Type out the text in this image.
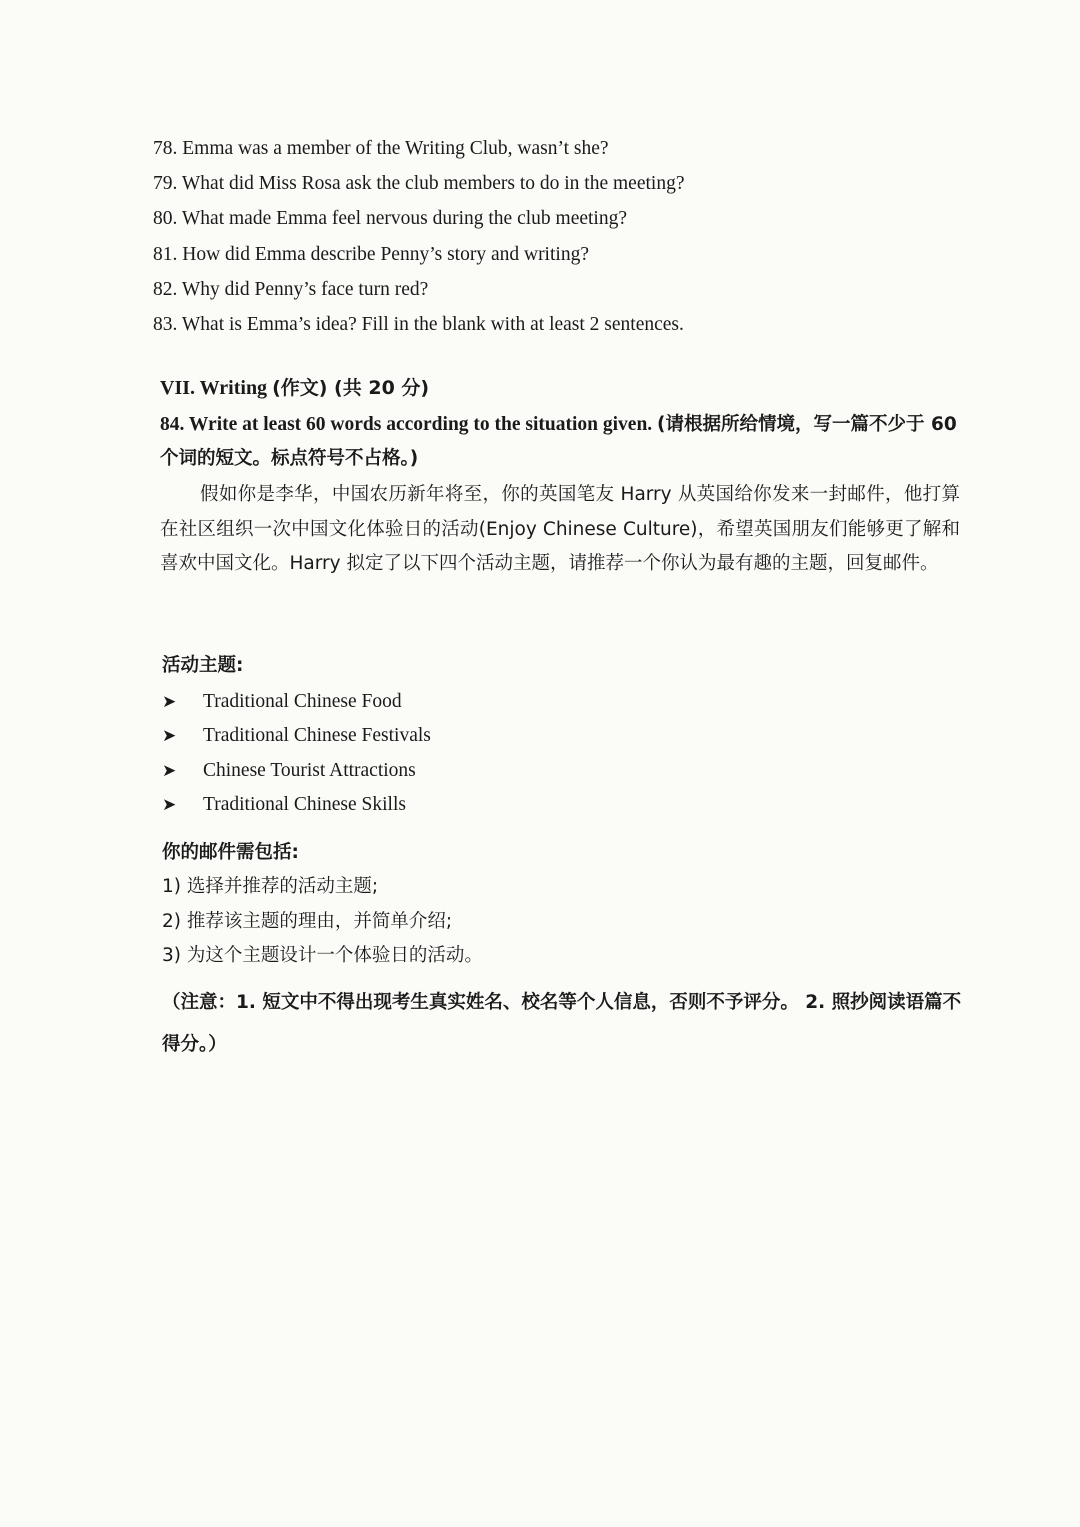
78. Emma was a member of the Writing Club, wasn’t she?
79. What did Miss Rosa ask the club members to do in the meeting?
80. What made Emma feel nervous during the club meeting?
81. How did Emma describe Penny’s story and writing?
82. Why did Penny’s face turn red?
83. What is Emma’s idea? Fill in the blank with at least 2 sentences.
VII. Writing (作文) (共 20 分)
84. Write at least 60 words according to the situation given. (请根据所给情境，写一篇不少于 60 个词的短文。标点符号不占格。)
假如你是李华，中国农历新年将至，你的英国笔友 Harry 从英国给你发来一封邮件，他打算在社区组织一次中国文化体验日的活动(Enjoy Chinese Culture)，希望英国朋友们能够更了解和喜欢中国文化。Harry 拟定了以下四个活动主题，请推荐一个你认为最有趣的主题，回复邮件。
活动主题:
➤ Traditional Chinese Food
➤ Traditional Chinese Festivals
➤ Chinese Tourist Attractions
➤ Traditional Chinese Skills
你的邮件需包括:
1) 选择并推荐的活动主题;
2) 推荐该主题的理由，并简单介绍;
3) 为这个主题设计一个体验日的活动。
（注意：1. 短文中不得出现考生真实姓名、校名等个人信息，否则不予评分。 2. 照抄阅读语篇不得分。）
